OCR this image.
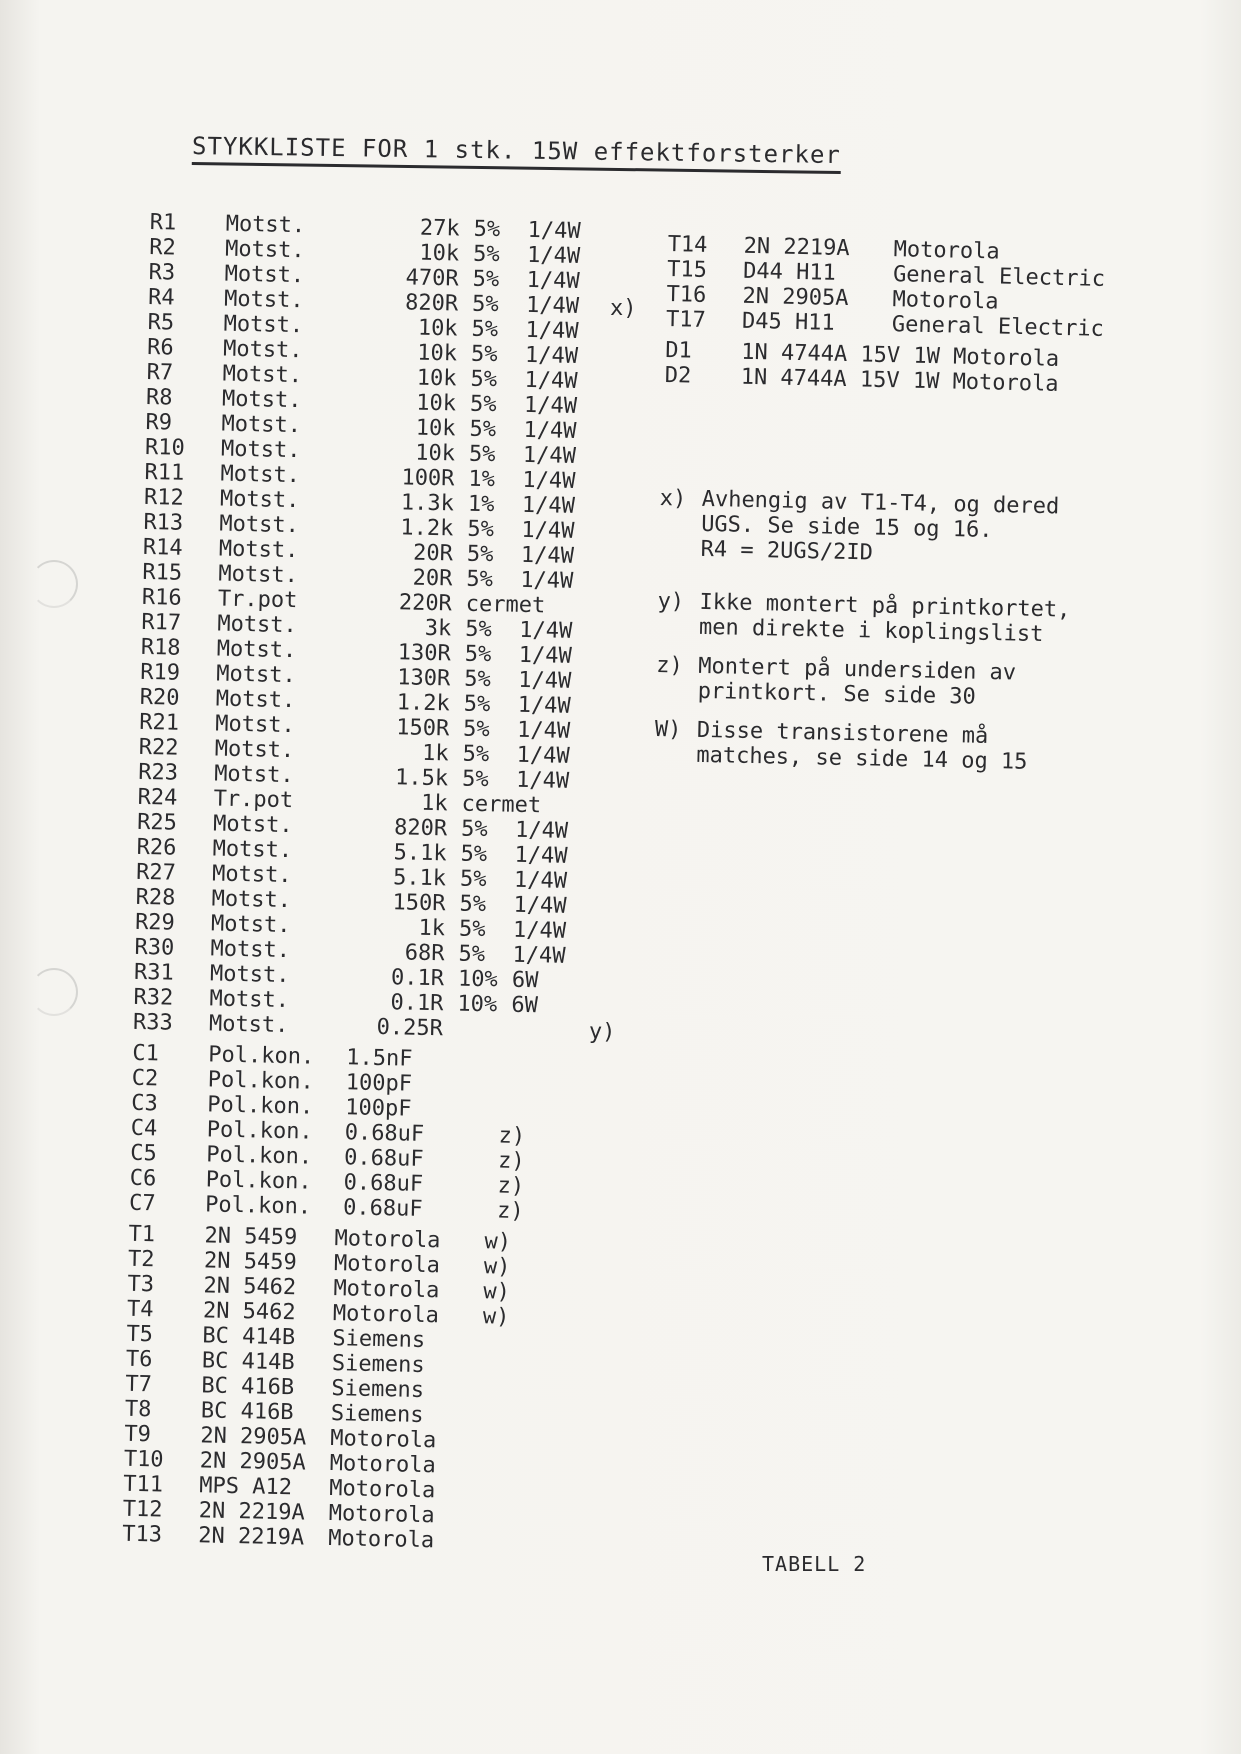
STYKKLISTE FOR 1 stk. 15W effektforsterker
R1	Motst.	27k 5%	1/4W
R2	Motst.	10k 5%	1/4W
R3	Motst.	470R 5%	1/4W
R4	Motst.	820R 5%	1/4W
R5	Motst.	10k 5%	1/4W
R6	Motst.	10k 5%	1/4W
R7	Motst.	10k 5%	1/4W
R8	Motst.	10k 5%	1/4W
R9	Motst.	10k 5%	1/4W
R10	Motst.	10k 5%	1/4W
R11	Motst.	100R 1%	1/4W
R12	Motst.	1.3k 1%	1/4W
R13	Motst.	1.2k 5%	1/4W
R14	Motst.	20R 5%	1/4W
R15	Motst.	20R 5%	1/4W
R16	Tr.pot	220R cermet
R17	Motst.	3k 5%	1/4W
R18	Motst.	130R 5%	1/4W
R19	Motst.	130R 5%	1/4W
R20	Motst.	1.2k 5%	1/4W
R21	Motst.	150R 5%	1/4W
R22	Motst.	1k 5%	1/4W
R23	Motst.	1.5k 5%	1/4W
R24	Tr.pot	1k cermet
R25	Motst.	820R 5%	1/4W
R26	Motst.	5.1k 5%	1/4W
R27	Motst.	5.1k 5%	1/4W
R28	Motst.	150R 5%	1/4W
R29	Motst.	1k 5%	1/4W
R30	Motst.	68R 5%	1/4W
R31	Motst.	0.1R 10% 6W
R32	Motst.	0.1R 10% 6W
R33	Motst.	0.25R	y)
C1	Pol.kon.	1.5nF
C2	Pol.kon.	100pF
C3	Pol.kon.	100pF
C4	Pol.kon.	0.68uF	z)
C5	Pol.kon.	0.68uF	z)
C6	Pol.kon.	0.68uF	z)
C7	Pol.kon.	0.68uF	z)
T1	2N 5459	Motorola	w)
T2	2N 5459	Motorola	w)
T3	2N 5462	Motorola	w)
T4	2N 5462	Motorola	w)
T5	BC 414B	Siemens
T6	BC 414B	Siemens
T7	BC 416B	Siemens
T8	BC 416B	Siemens
T9	2N 2905A	Motorola
T10	2N 2905A	Motorola
T11	MPS A12	Motorola
T12	2N 2219A	Motorola
T13	2N 2219A	Motorola
x)
T14	2N 2219A	Motorola
T15	D44 H11	General Electric
T16	2N 2905A	Motorola
T17	D45 H11	General Electric
D1	1N 4744A 15V 1W Motorola
D2	1N 4744A 15V 1W Motorola
x) Avhengig av T1-T4, og dered
UGS. Se side 15 og 16.
R4 = 2UGS/2ID
y) Ikke montert på printkortet,
men direkte i koplingslist
z) Montert på undersiden av
printkort. Se side 30
W) Disse transistorene må
matches, se side 14 og 15
TABELL 2
